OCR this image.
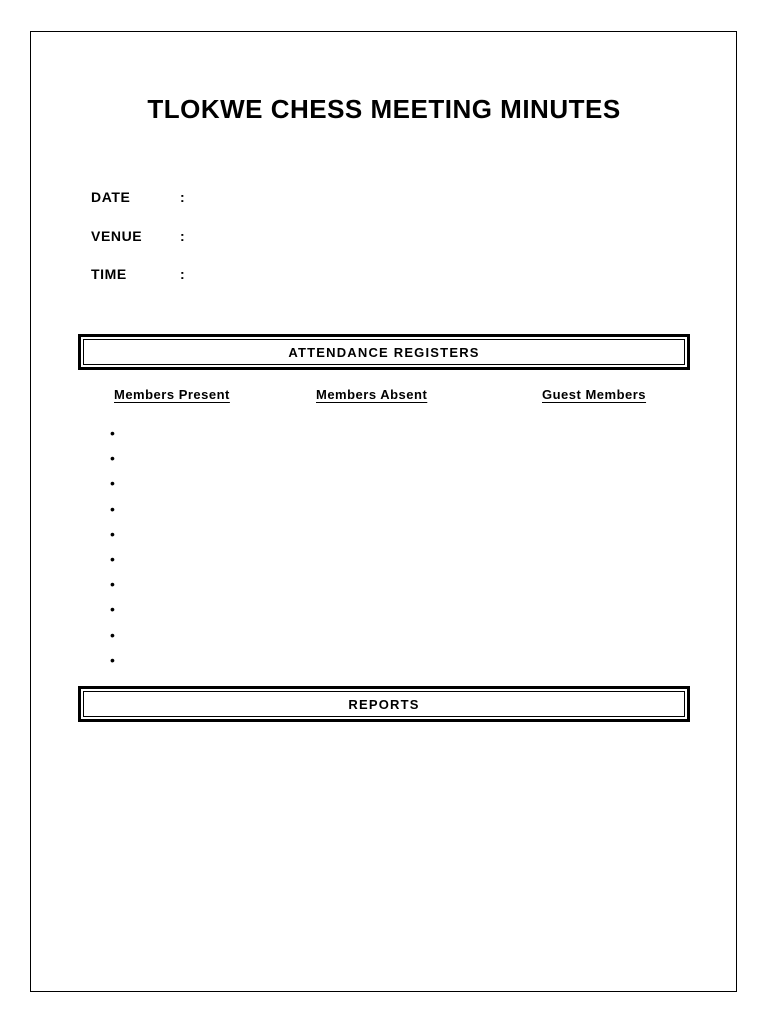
TLOKWE CHESS MEETING MINUTES
DATE	:
VENUE	:
TIME	:
ATTENDANCE REGISTERS
Members Present	Members Absent	Guest Members
•
•
•
•
•
•
•
•
•
•
REPORTS
